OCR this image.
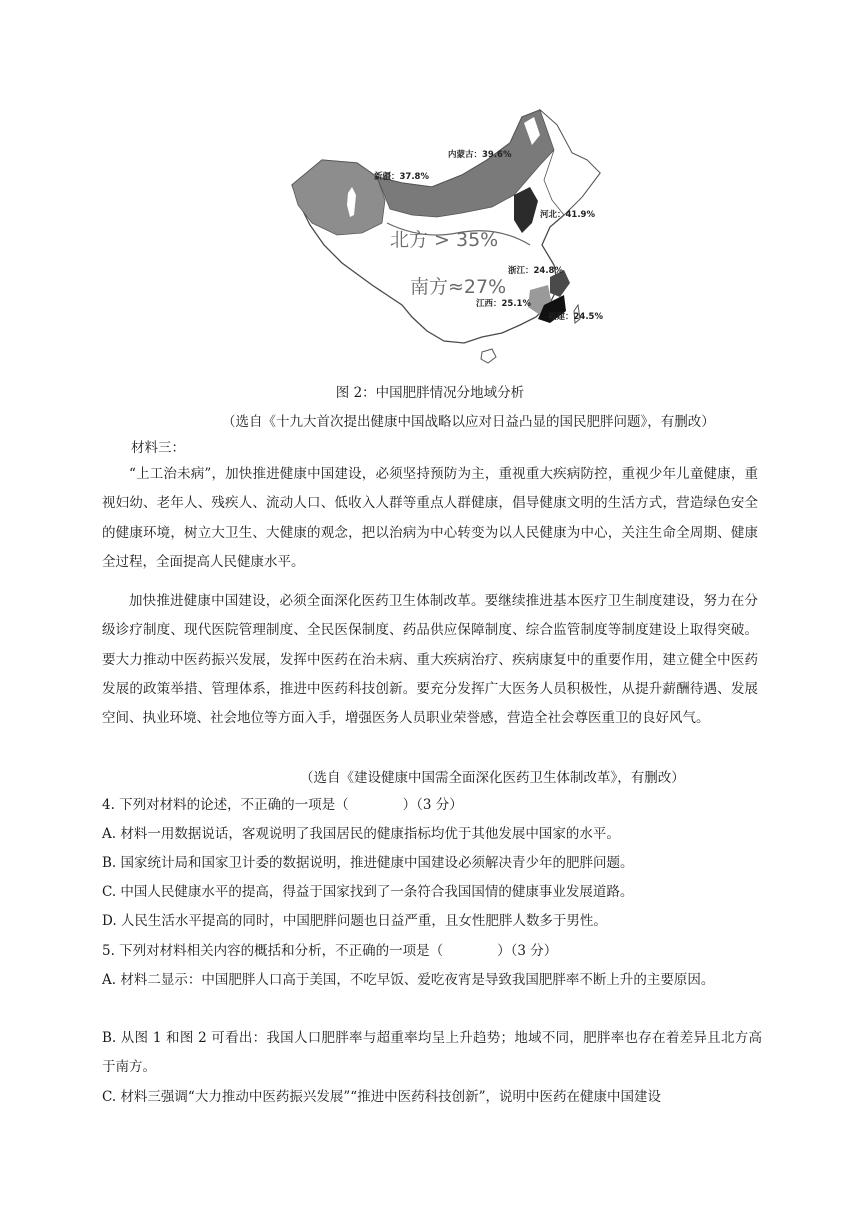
内蒙古：39.6%
新疆：37.8%
河北：41.9%
北方 > 35%
浙江：24.8%
南方≈27%
江西：25.1%
福建：24.5%
图 2：中国肥胖情况分地域分析
（选自《十九大首次提出健康中国战略以应对日益凸显的国民肥胖问题》，有删改）
材料三：

“上工治未病”，加快推进健康中国建设，必须坚持预防为主，重视重大疾病防控，重视少年儿童健康，重视妇幼、老年人、残疾人、流动人口、低收入人群等重点人群健康，倡导健康文明的生活方式，营造绿色安全的健康环境，树立大卫生、大健康的观念，把以治病为中心转变为以人民健康为中心，关注生命全周期、健康全过程，全面提高人民健康水平。

加快推进健康中国建设，必须全面深化医药卫生体制改革。要继续推进基本医疗卫生制度建设，努力在分级诊疗制度、现代医院管理制度、全民医保制度、药品供应保障制度、综合监管制度等制度建设上取得突破。要大力推动中医药振兴发展，发挥中医药在治未病、重大疾病治疗、疾病康复中的重要作用，建立健全中医药发展的政策举措、管理体系，推进中医药科技创新。要充分发挥广大医务人员积极性，从提升薪酬待遇、发展空间、执业环境、社会地位等方面入手，增强医务人员职业荣誉感，营造全社会尊医重卫的良好风气。

（选自《建设健康中国需全面深化医药卫生体制改革》，有删改）

4. 下列对材料的论述，不正确的一项是（　　　　）（3 分）

A. 材料一用数据说话，客观说明了我国居民的健康指标均优于其他发展中国家的水平。

B. 国家统计局和国家卫计委的数据说明，推进健康中国建设必须解决青少年的肥胖问题。

C. 中国人民健康水平的提高，得益于国家找到了一条符合我国国情的健康事业发展道路。

D. 人民生活水平提高的同时，中国肥胖问题也日益严重，且女性肥胖人数多于男性。

5. 下列对材料相关内容的概括和分析，不正确的一项是（　　　　）（3 分）

A. 材料二显示：中国肥胖人口高于美国，不吃早饭、爱吃夜宵是导致我国肥胖率不断上升的主要原因。

B. 从图 1 和图 2 可看出：我国人口肥胖率与超重率均呈上升趋势；地域不同，肥胖率也存在着差异且北方高于南方。

C. 材料三强调“大力推动中医药振兴发展”“推进中医药科技创新”，说明中医药在健康中国建设
